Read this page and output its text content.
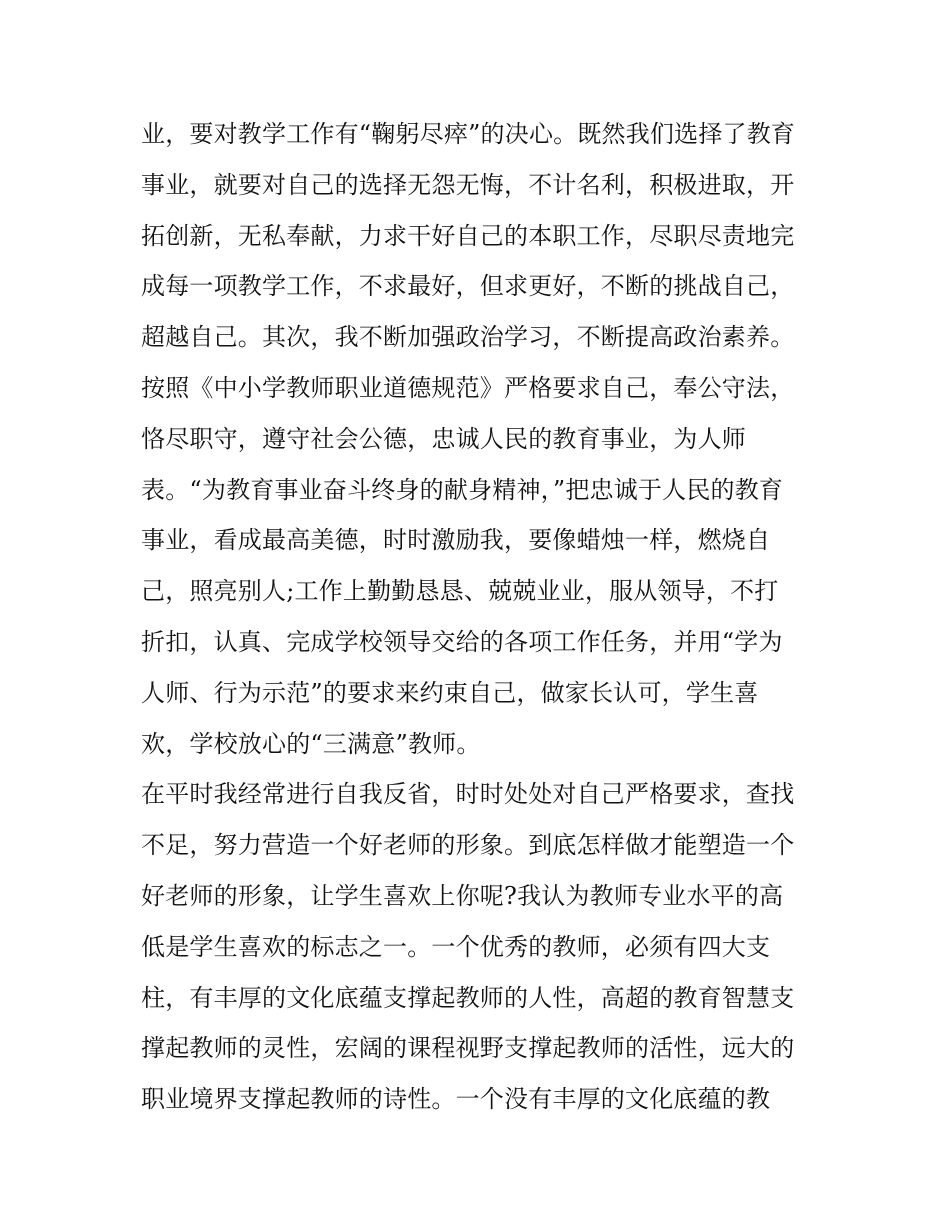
业，要对教学工作有“鞠躬尽瘁”的决心。既然我们选择了教育
事业，就要对自己的选择无怨无悔，不计名利，积极进取，开
拓创新，无私奉献，力求干好自己的本职工作，尽职尽责地完
成每一项教学工作，不求最好，但求更好，不断的挑战自己，
超越自己。其次，我不断加强政治学习，不断提高政治素养。
按照《中小学教师职业道德规范》严格要求自己，奉公守法，
恪尽职守，遵守社会公德，忠诚人民的教育事业，为人师
表。“为教育事业奋斗终身的献身精神，”把忠诚于人民的教育
事业，看成最高美德，时时激励我，要像蜡烛一样，燃烧自
己，照亮别人;工作上勤勤恳恳、兢兢业业，服从领导，不打
折扣，认真、完成学校领导交给的各项工作任务，并用“学为
人师、行为示范”的要求来约束自己，做家长认可，学生喜
欢，学校放心的“三满意”教师。
在平时我经常进行自我反省，时时处处对自己严格要求，查找
不足，努力营造一个好老师的形象。到底怎样做才能塑造一个
好老师的形象，让学生喜欢上你呢?我认为教师专业水平的高
低是学生喜欢的标志之一。一个优秀的教师，必须有四大支
柱，有丰厚的文化底蕴支撑起教师的人性，高超的教育智慧支
撑起教师的灵性，宏阔的课程视野支撑起教师的活性，远大的
职业境界支撑起教师的诗性。一个没有丰厚的文化底蕴的教
